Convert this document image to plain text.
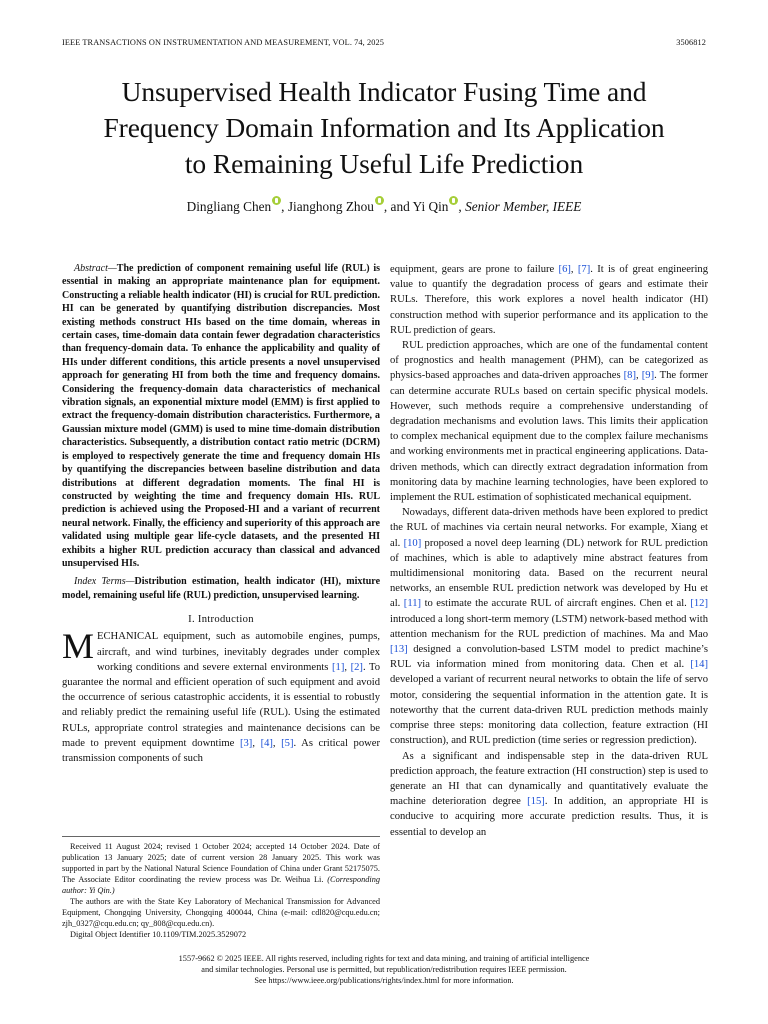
IEEE TRANSACTIONS ON INSTRUMENTATION AND MEASUREMENT, VOL. 74, 2025	3506812
Unsupervised Health Indicator Fusing Time and
Frequency Domain Information and Its Application
to Remaining Useful Life Prediction
Dingliang Chen , Jianghong Zhou , and Yi Qin , Senior Member, IEEE

Abstract—The prediction of component remaining useful life (RUL) is essential in making an appropriate maintenance plan for equipment. Constructing a reliable health indicator (HI) is crucial for RUL prediction. HI can be generated by quantifying distribution discrepancies. Most existing methods construct HIs based on the time domain, whereas in certain cases, time-domain data contain fewer degradation characteristics than frequency-domain data. To enhance the applicability and quality of HIs under different conditions, this article presents a novel unsupervised approach for generating HI from both the time and frequency domains. Considering the frequency-domain data characteristics of mechanical vibration signals, an exponential mixture model (EMM) is first applied to extract the frequency-domain distribution characteristics. Furthermore, a Gaussian mixture model (GMM) is used to mine time-domain distribution characteristics. Subsequently, a distribution contact ratio metric (DCRM) is employed to respectively generate the time and frequency domain HIs by quantifying the discrepancies between baseline distribution and data distributions at different degradation moments. The final HI is constructed by weighting the time and frequency domain HIs. RUL prediction is achieved using the Proposed-HI and a variant of recurrent neural network. Finally, the efficiency and superiority of this approach are validated using multiple gear life-cycle datasets, and the presented HI exhibits a higher RUL prediction accuracy than classical and advanced unsupervised HIs.

Index Terms—Distribution estimation, health indicator (HI), mixture model, remaining useful life (RUL) prediction, unsupervised learning.

I. Introduction

MECHANICAL equipment, such as automobile engines, pumps, aircraft, and wind turbines, inevitably degrades under complex working conditions and severe external environments [1], [2]. To guarantee the normal and efficient operation of such equipment and avoid the occurrence of serious catastrophic accidents, it is essential to robustly and reliably predict the remaining useful life (RUL). Using the estimated RULs, appropriate control strategies and maintenance decisions can be made to prevent equipment downtime [3], [4], [5]. As critical power transmission components of such

equipment, gears are prone to failure [6], [7]. It is of great engineering value to quantify the degradation process of gears and estimate their RULs. Therefore, this work explores a novel health indicator (HI) construction method with superior performance and its application to the RUL prediction of gears.

RUL prediction approaches, which are one of the fundamental content of prognostics and health management (PHM), can be categorized as physics-based approaches and data-driven approaches [8], [9]. The former can determine accurate RULs based on certain specific physical models. However, such methods require a comprehensive understanding of degradation mechanisms and evolution laws. This limits their application to complex mechanical equipment due to the complex failure mechanisms and working environments met in practical engineering applications. Data-driven methods, which can directly extract degradation information from monitoring data by machine learning technologies, have been explored to implement the RUL estimation of sophisticated mechanical equipment.

Nowadays, different data-driven methods have been explored to predict the RUL of machines via certain neural networks. For example, Xiang et al. [10] proposed a novel deep learning (DL) network for RUL prediction of machines, which is able to adaptively mine abstract features from multidimensional monitoring data. Based on the recurrent neural networks, an ensemble RUL prediction network was developed by Hu et al. [11] to estimate the accurate RUL of aircraft engines. Chen et al. [12] introduced a long short-term memory (LSTM) network-based method with attention mechanism for the RUL prediction of machines. Ma and Mao [13] designed a convolution-based LSTM model to predict machine’s RUL via information mined from monitoring data. Chen et al. [14] developed a variant of recurrent neural networks to obtain the life of servo motor, considering the sequential information in the attention gate. It is noteworthy that the current data-driven RUL prediction methods mainly comprise three steps: monitoring data collection, feature extraction (HI construction), and RUL prediction (time series or regression prediction).

As a significant and indispensable step in the data-driven RUL prediction approach, the feature extraction (HI construction) step is used to generate an HI that can dynamically and quantitatively evaluate the machine deterioration degree [15]. In addition, an appropriate HI is conducive to acquiring more accurate prediction results. Thus, it is essential to develop an

Received 11 August 2024; revised 1 October 2024; accepted 14 October 2024. Date of publication 13 January 2025; date of current version 28 January 2025. This work was supported in part by the National Natural Science Foundation of China under Grant 52175075. The Associate Editor coordinating the review process was Dr. Weihua Li. (Corresponding author: Yi Qin.)

The authors are with the State Key Laboratory of Mechanical Transmission for Advanced Equipment, Chongqing University, Chongqing 400044, China (e-mail: cdl820@cqu.edu.cn; zjh_0327@cqu.edu.cn; qy_808@cqu.edu.cn).

Digital Object Identifier 10.1109/TIM.2025.3529072

1557-9662 © 2025 IEEE. All rights reserved, including rights for text and data mining, and training of artificial intelligence
and similar technologies. Personal use is permitted, but republication/redistribution requires IEEE permission.
See https://www.ieee.org/publications/rights/index.html for more information.
